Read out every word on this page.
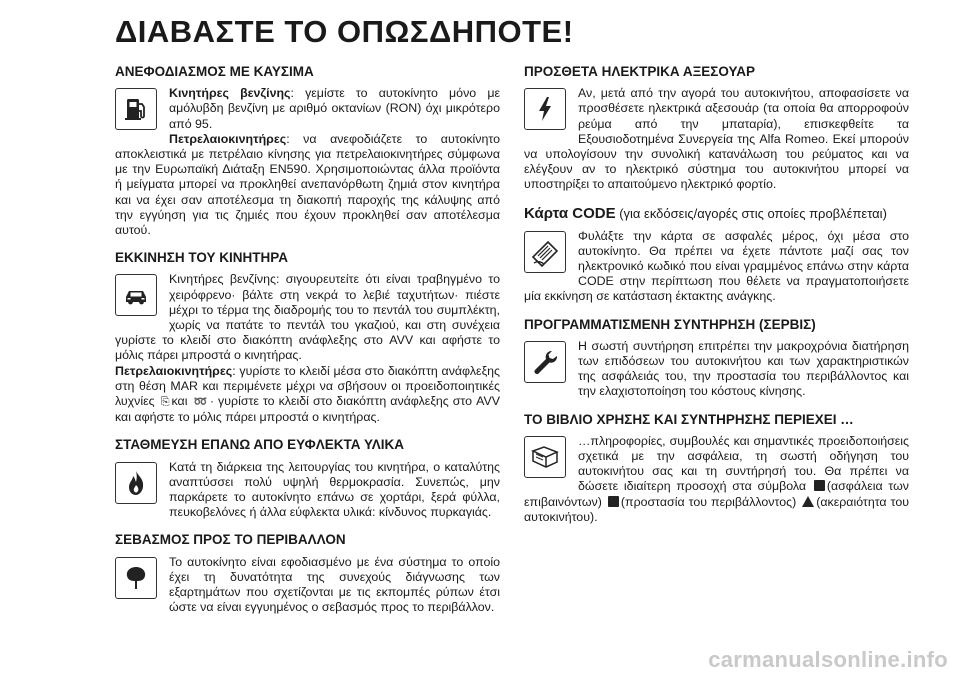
ΔΙΑΒΑΣΤΕ ΤΟ ΟΠΩΣΔΗΠΟΤΕ!
ΑΝΕΦΟΔΙΑΣΜΟΣ ΜΕ ΚΑΥΣΙΜΑ

Κινητήρες βενζίνης: γεμίστε το αυτοκίνητο μόνο με αμόλυβδη βενζίνη με αριθμό οκτανίων (RON) όχι μικρότερο από 95.

Πετρελαιοκινητήρες: να ανεφοδιάζετε το αυτοκίνητο αποκλειστικά με πετρέλαιο κίνησης για πετρελαιοκινητήρες σύμφωνα με την Ευρωπαϊκή Διάταξη EN590. Χρησιμοποιώντας άλλα προϊόντα ή μείγματα μπορεί να προκληθεί ανεπανόρθωτη ζημιά στον κινητήρα και να έχει σαν αποτέλεσμα τη διακοπή παροχής της κάλυψης από την εγγύηση για τις ζημιές που έχουν προκληθεί σαν αποτέλεσμα αυτού.

ΕΚΚΙΝΗΣΗ ΤΟΥ ΚΙΝΗΤΗΡΑ

Κινητήρες βενζίνης: σιγουρευτείτε ότι είναι τραβηγμένο το χειρόφρενο· βάλτε στη νεκρά το λεβιέ ταχυτήτων· πιέστε μέχρι το τέρμα της διαδρομής του το πεντάλ του συμπλέκτη, χωρίς να πατάτε το πεντάλ του γκαζιού, και στη συνέχεια γυρίστε το κλειδί στο διακόπτη ανάφλεξης στο AVV και αφήστε το μόλις πάρει μπροστά ο κινητήρας.

Πετρελαιοκινητήρες: γυρίστε το κλειδί μέσα στο διακόπτη ανάφλεξης στη θέση MAR και περιμένετε μέχρι να σβήσουν οι προειδοποιητικές λυχνίες ⎘ και ➿ · γυρίστε το κλειδί στο διακόπτη ανάφλεξης στο AVV και αφήστε το μόλις πάρει μπροστά ο κινητήρας.

ΣΤΑΘΜΕΥΣΗ ΕΠΑΝΩ ΑΠΟ ΕΥΦΛΕΚΤΑ ΥΛΙΚΑ

Κατά τη διάρκεια της λειτουργίας του κινητήρα, ο καταλύτης αναπτύσσει πολύ υψηλή θερμοκρασία. Συνεπώς, μην παρκάρετε το αυτοκίνητο επάνω σε χορτάρι, ξερά φύλλα, πευκοβελόνες ή άλλα εύφλεκτα υλικά: κίνδυνος πυρκαγιάς.

ΣΕΒΑΣΜΟΣ ΠΡΟΣ ΤΟ ΠΕΡΙΒΑΛΛΟΝ

Το αυτοκίνητο είναι εφοδιασμένο με ένα σύστημα το οποίο έχει τη δυνατότητα της συνεχούς διάγνωσης των εξαρτημάτων που σχετίζονται με τις εκπομπές ρύπων έτσι ώστε να είναι εγγυημένος ο σεβασμός προς το περιβάλλον.

ΠΡΟΣΘΕΤΑ ΗΛΕΚΤΡΙΚΑ ΑΞΕΣΟΥΑΡ

Αν, μετά από την αγορά του αυτοκινήτου, αποφασίσετε να προσθέσετε ηλεκτρικά αξεσουάρ (τα οποία θα απορροφούν ρεύμα από την μπαταρία), επισκεφθείτε τα Εξουσιοδοτημένα Συνεργεία της Alfa Romeo. Εκεί μπορούν να υπολογίσουν την συνολική κατανάλωση του ρεύματος και να ελέγξουν αν το ηλεκτρικό σύστημα του αυτοκινήτου μπορεί να υποστηρίξει το απαιτούμενο ηλεκτρικό φορτίο.

Κάρτα CODE (για εκδόσεις/αγορές στις οποίες προβλέπεται)

Φυλάξτε την κάρτα σε ασφαλές μέρος, όχι μέσα στο αυτοκίνητο. Θα πρέπει να έχετε πάντοτε μαζί σας τον ηλεκτρονικό κωδικό που είναι γραμμένος επάνω στην κάρτα CODE στην περίπτωση που θέλετε να πραγματοποιήσετε μία εκκίνηση σε κατάσταση έκτακτης ανάγκης.

ΠΡΟΓΡΑΜΜΑΤΙΣΜΕΝΗ ΣΥΝΤΗΡΗΣΗ (ΣΕΡΒΙΣ)

Η σωστή συντήρηση επιτρέπει την μακροχρόνια διατήρηση των επιδόσεων του αυτοκινήτου και των χαρακτηριστικών της ασφάλειάς του, την προστασία του περιβάλλοντος και την ελαχιστοποίηση του κόστους κίνησης.

ΤΟ ΒΙΒΛΙΟ ΧΡΗΣΗΣ ΚΑΙ ΣΥΝΤΗΡΗΣΗΣ ΠΕΡΙΕΧΕΙ …

…πληροφορίες, συμβουλές και σημαντικές προειδοποιήσεις σχετικά με την ασφάλεια, τη σωστή οδήγηση του αυτοκινήτου σας και τη συντήρησή του. Θα πρέπει να δώσετε ιδιαίτερη προσοχή στα σύμβολα (ασφάλεια των επιβαινόντων) (προστασία του περιβάλλοντος) (ακεραιότητα του αυτοκινήτου).

carmanualsonline.info
